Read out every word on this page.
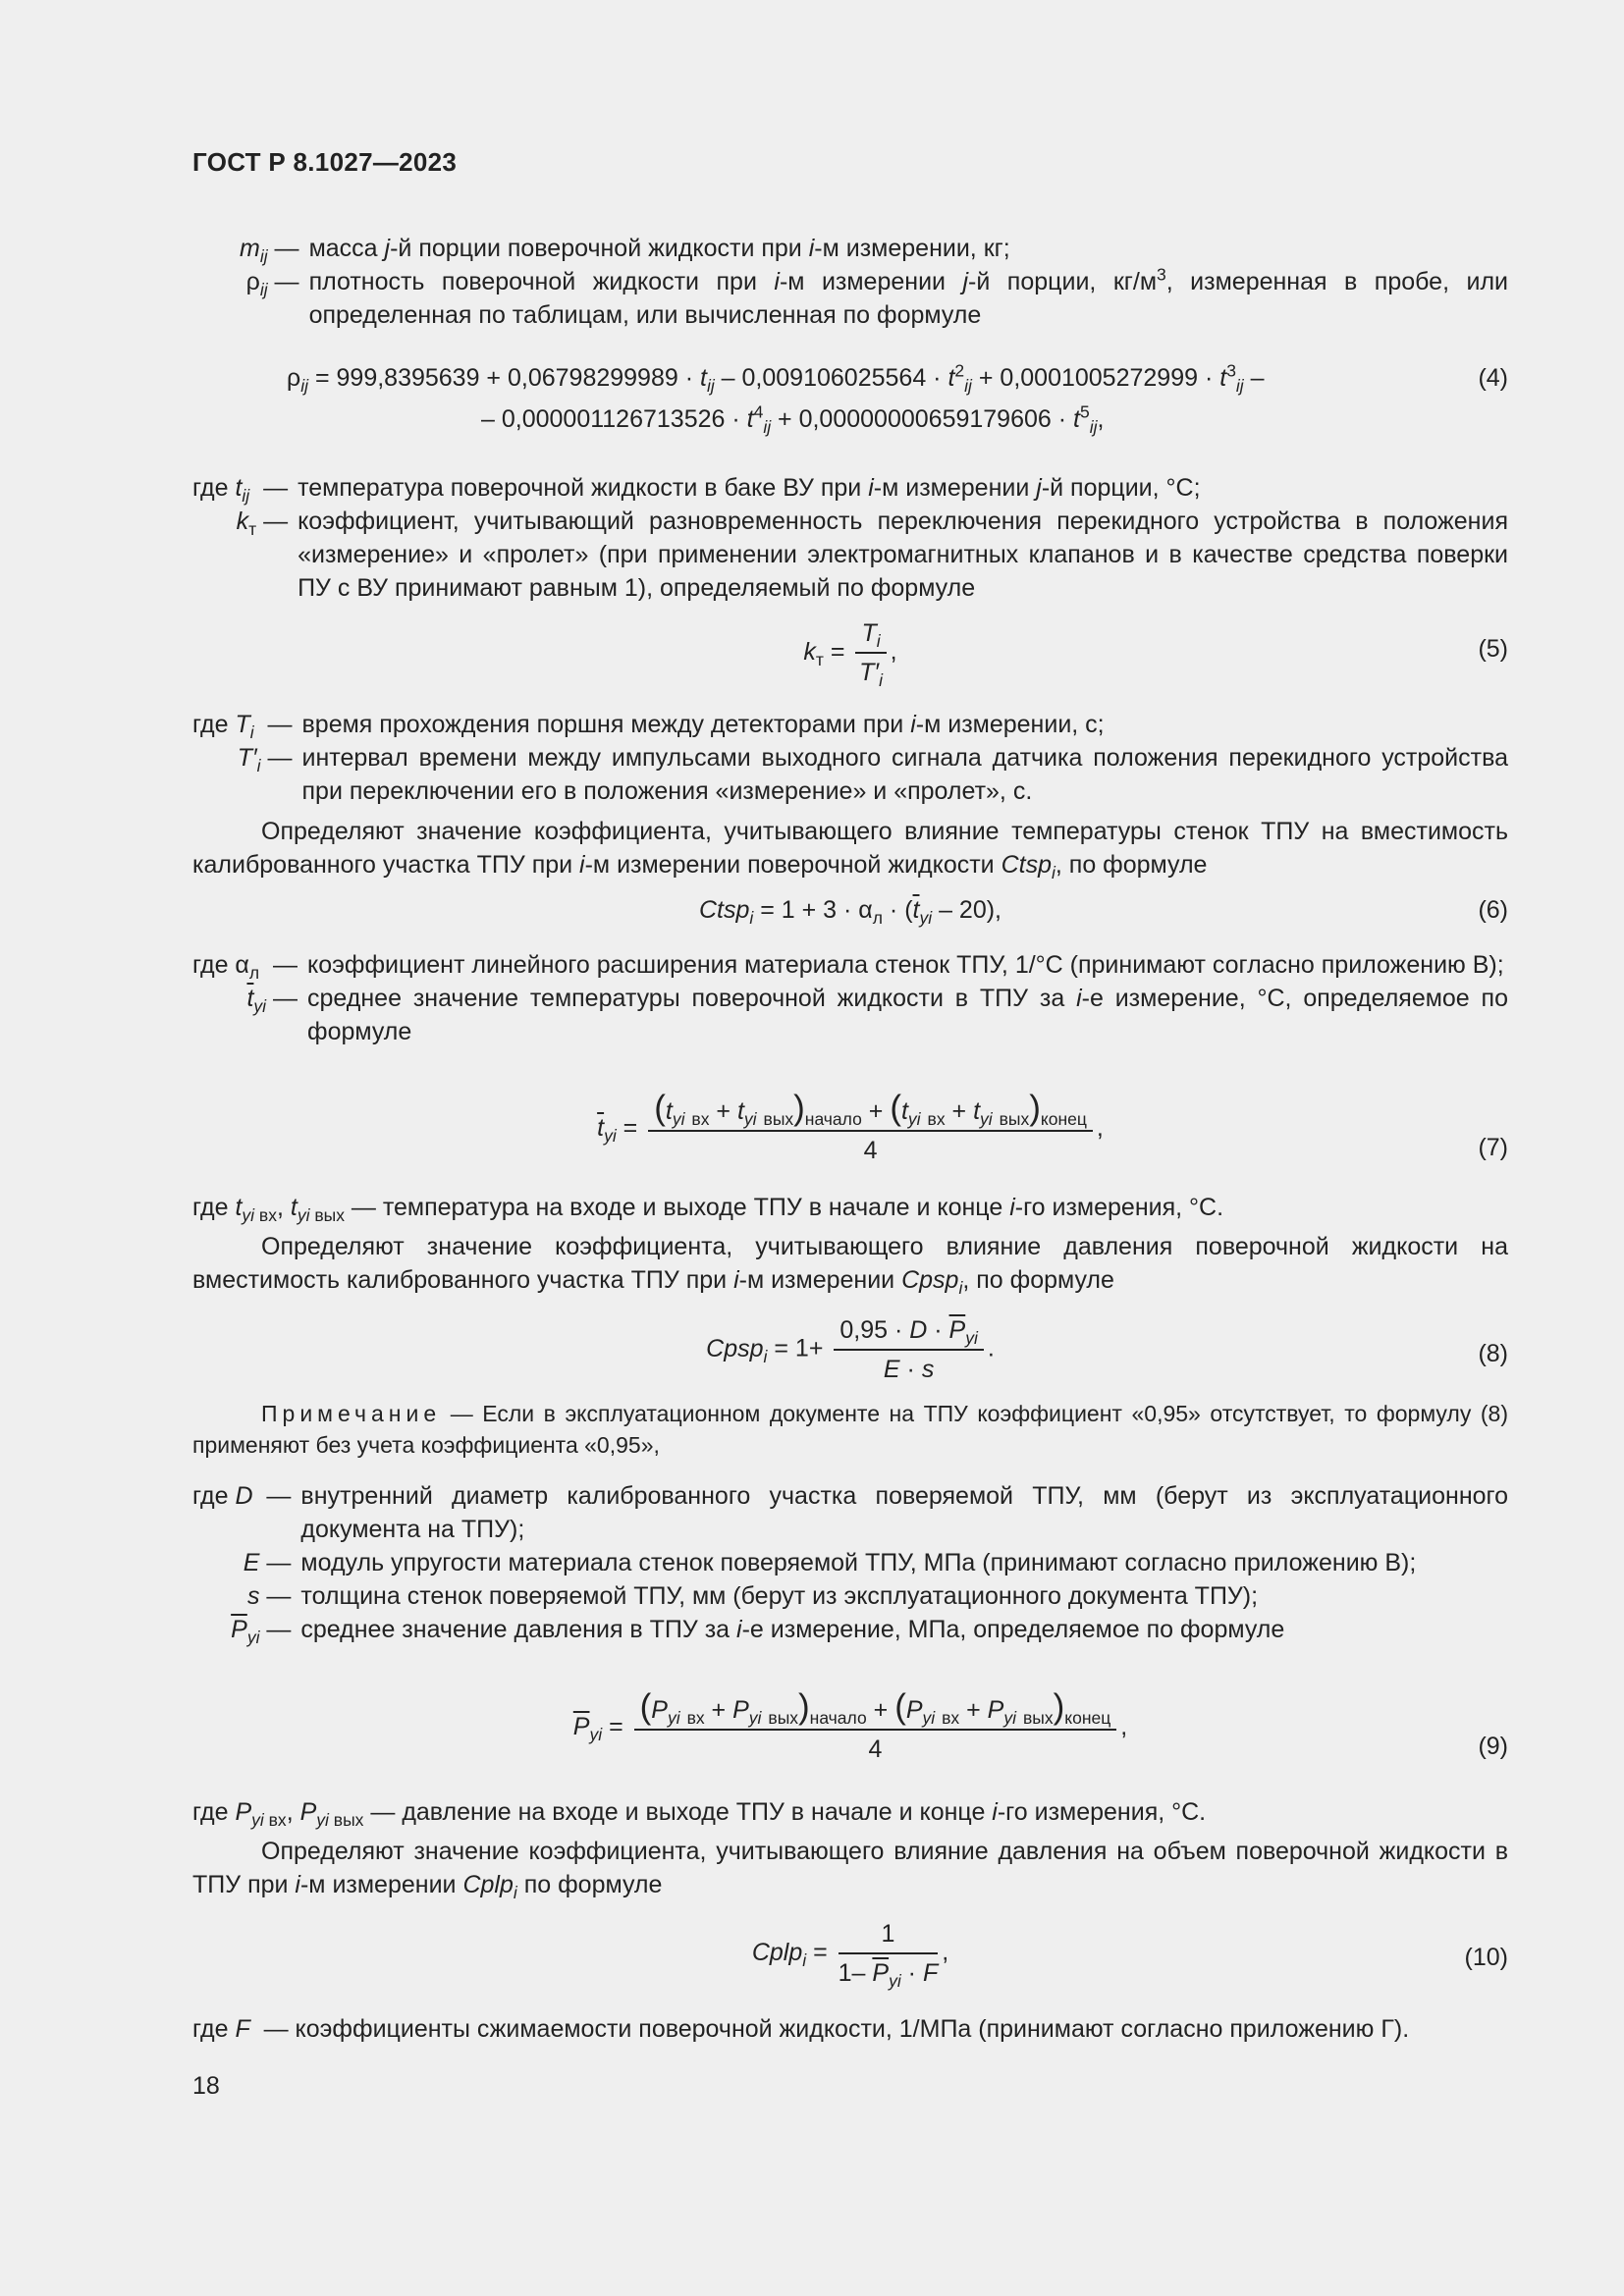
ГОСТ Р 8.1027—2023
$m_{ij}$ — масса j-й порции поверочной жидкости при i-м измерении, кг;
$\rho_{ij}$ — плотность поверочной жидкости при i-м измерении j-й порции, $кг/м^3$, измеренная в пробе, или определенная по таблицам, или вычисленная по формуле
$\rho_{ij} = 999,8395639 + 0,06798299989 \cdot t_{ij} - 0,009106025564 \cdot t^2_{ij} + 0,0001005272999 \cdot t^3_{ij}$ –
– $0,000001126713526 \cdot t^4_{ij} + 0,00000000659179606 \cdot t^5_{ij}$,
(4)
где $t_{ij}$  — температура поверочной жидкости в баке ВУ при i-м измерении j-й порции, °С;
$k_т$ — коэффициент, учитывающий разновременность переключения перекидного устройства в положения «измерение» и «пролет» (при применении электромагнитных клапанов и в качестве средства поверки ПУ с ВУ принимают равным 1), определяемый по формуле
$k_т = \frac{T_i}{T'_i}$ ,	(5)
где $T_i$  — время прохождения поршня между детекторами при i-м измерении, с;
$T'_i$ — интервал времени между импульсами выходного сигнала датчика положения перекидного устройства при переключении его в положения «измерение» и «пролет», с.
Определяют значение коэффициента, учитывающего влияние температуры стенок ТПУ на вместимость калиброванного участка ТПУ при i-м измерении поверочной жидкости Ctsp$_i$, по формуле
Ctsp$_i$ = $1 + 3 \cdot \alpha_л \cdot (\overline{t}_{yi} - 20)$,	(6)
где $\alpha_л$  — коэффициент линейного расширения материала стенок ТПУ, 1/°С (принимают согласно приложению В);
$\overline{t}_{yi}$ — среднее значение температуры поверочной жидкости в ТПУ за i-е измерение, °С, определяемое по формуле
$\overline{t}_{yi} = \frac{(t_{yi} _{вх} + t_{yi} _{вых})_{начало} + (t_{yi} _{вх} + t_{yi} _{вых})_{конец}}{4}$ ,
(7)
где $t_{yi}$ $_{вх}$, $t_{yi}$ $_{вых}$ — температура на входе и выходе ТПУ в начале и конце i-го измерения, °С.
Определяют значение коэффициента, учитывающего влияние давления поверочной жидкости на вместимость калиброванного участка ТПУ при i-м измерении Cpsp$_i$, по формуле
Cpsp$_i$ = $1+ \frac{0,95 \cdot D \cdot \overline{P}_{yi}}{E \cdot s}$ .	(8)
Примечание — Если в эксплуатационном документе на ТПУ коэффициент «0,95» отсутствует, то формулу (8) применяют без учета коэффициента «0,95»,
где D  — внутренний диаметр калиброванного участка поверяемой ТПУ, мм (берут из эксплуатационного документа на ТПУ);
E — модуль упругости материала стенок поверяемой ТПУ, МПа (принимают согласно приложению В);
s — толщина стенок поверяемой ТПУ, мм (берут из эксплуатационного документа ТПУ);
$\overline{P}_{yi}$ — среднее значение давления в ТПУ за i-е измерение, МПа, определяемое по формуле
$\overline{P}_{yi} = \frac{(P_{yi} _{вх} + P_{yi} _{вых})_{начало} + (P_{yi} _{вх} + P_{yi} _{вых})_{конец}}{4}$ ,
(9)
где $P_{yi}$ $_{вх}$, $P_{yi}$ $_{вых}$ — давление на входе и выходе ТПУ в начале и конце i-го измерения, °С.
Определяют значение коэффициента, учитывающего влияние давления на объем поверочной жидкости в ТПУ при i-м измерении Cplp$_i$ по формуле
Cplp$_i$ = $\frac{1}{1- \overline{P}_{yi} \cdot F}$ ,	(10)
где F  — коэффициенты сжимаемости поверочной жидкости, 1/МПа (принимают согласно приложению Г).
18
